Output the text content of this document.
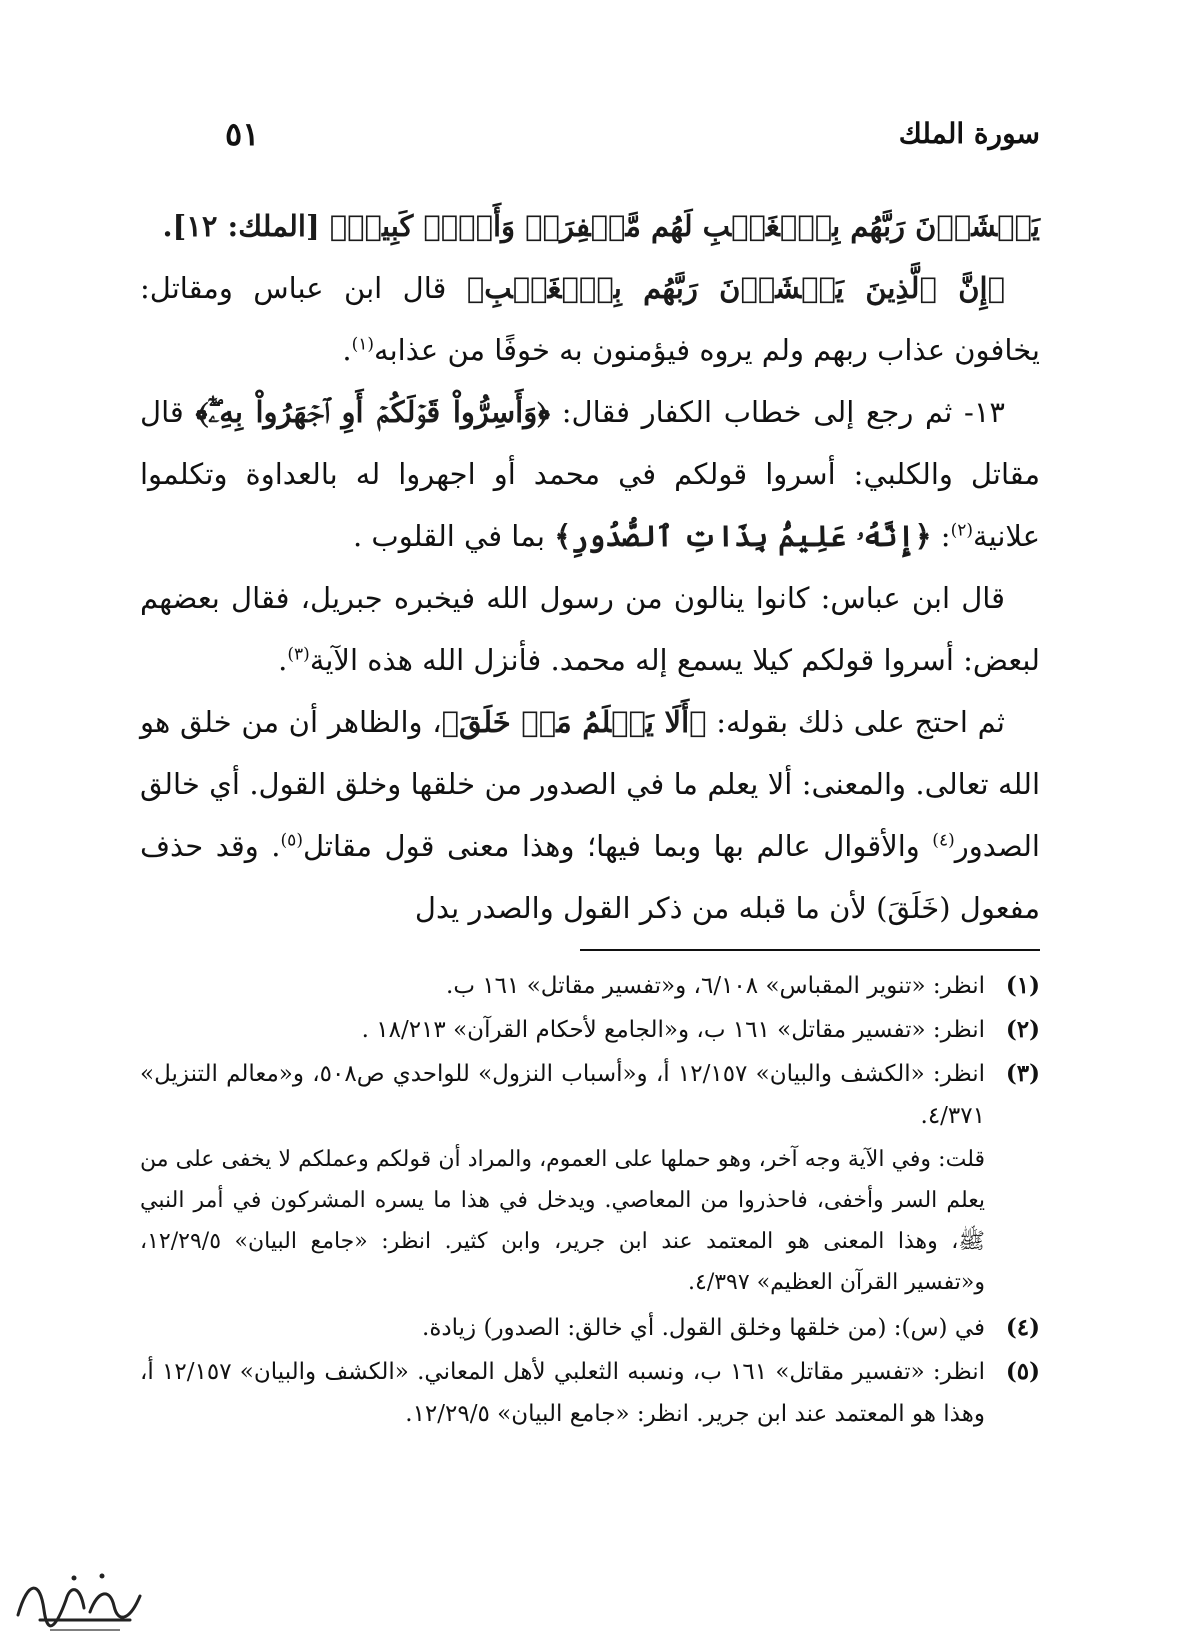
سورة الملك
٥١

يَخۡشَوۡنَ رَبَّهُم بِٱلۡغَيۡبِ لَهُم مَّغۡفِرَةٞ وَأَجۡرٞ كَبِيرٞ﴾ [الملك: ١٢].

﴿إِنَّ ٱلَّذِينَ يَخۡشَوۡنَ رَبَّهُم بِٱلۡغَيۡبِ﴾ قال ابن عباس ومقاتل: يخافون عذاب ربهم ولم يروه فيؤمنون به خوفًا من عذابه$^{(١)}$.

١٣- ثم رجع إلى خطاب الكفار فقال: ﴿وَأَسِرُّواْ قَوۡلَكُمۡ أَوِ ٱجۡهَرُواْ بِهِۦٓۖ﴾ قال مقاتل والكلبي: أسروا قولكم في محمد أو اجهروا له بالعداوة وتكلموا علانية$^{(٢)}$: ﴿إِنَّهُۥ عَلِيمُۢ بِذَاتِ ٱلصُّدُورِ﴾ بما في القلوب .

قال ابن عباس: كانوا ينالون من رسول الله فيخبره جبريل، فقال بعضهم لبعض: أسروا قولكم كيلا يسمع إله محمد. فأنزل الله هذه الآية$^{(٣)}$.

ثم احتج على ذلك بقوله: ﴿أَلَا يَعۡلَمُ مَنۡ خَلَقَ﴾، والظاهر أن من خلق هو الله تعالى. والمعنى: ألا يعلم ما في الصدور من خلقها وخلق القول. أي خالق الصدور$^{(٤)}$ والأقوال عالم بها وبما فيها؛ وهذا معنى قول مقاتل$^{(٥)}$. وقد حذف مفعول (خَلَقَ) لأن ما قبله من ذكر القول والصدر يدل

(١)
انظر: «تنوير المقباس» ٦/١٠٨، و«تفسير مقاتل» ١٦١ ب.
(٢)
انظر: «تفسير مقاتل» ١٦١ ب، و«الجامع لأحكام القرآن» ١٨/٢١٣ .
(٣)
انظر: «الكشف والبيان» ١٢/١٥٧ أ، و«أسباب النزول» للواحدي ص٥٠٨، و«معالم التنزيل» ٤/٣٧١.
قلت: وفي الآية وجه آخر، وهو حملها على العموم، والمراد أن قولكم وعملكم لا يخفى على من يعلم السر وأخفى، فاحذروا من المعاصي. ويدخل في هذا ما يسره المشركون في أمر النبي ﷺ، وهذا المعنى هو المعتمد عند ابن جرير، وابن كثير. انظر: «جامع البيان» ١٢/٢٩/٥، و«تفسير القرآن العظيم» ٤/٣٩٧.
(٤)
في (س): (من خلقها وخلق القول. أي خالق: الصدور) زيادة.
(٥)
انظر: «تفسير مقاتل» ١٦١ ب، ونسبه الثعلبي لأهل المعاني. «الكشف والبيان» ١٢/١٥٧ أ، وهذا هو المعتمد عند ابن جرير. انظر: «جامع البيان» ١٢/٢٩/٥.
